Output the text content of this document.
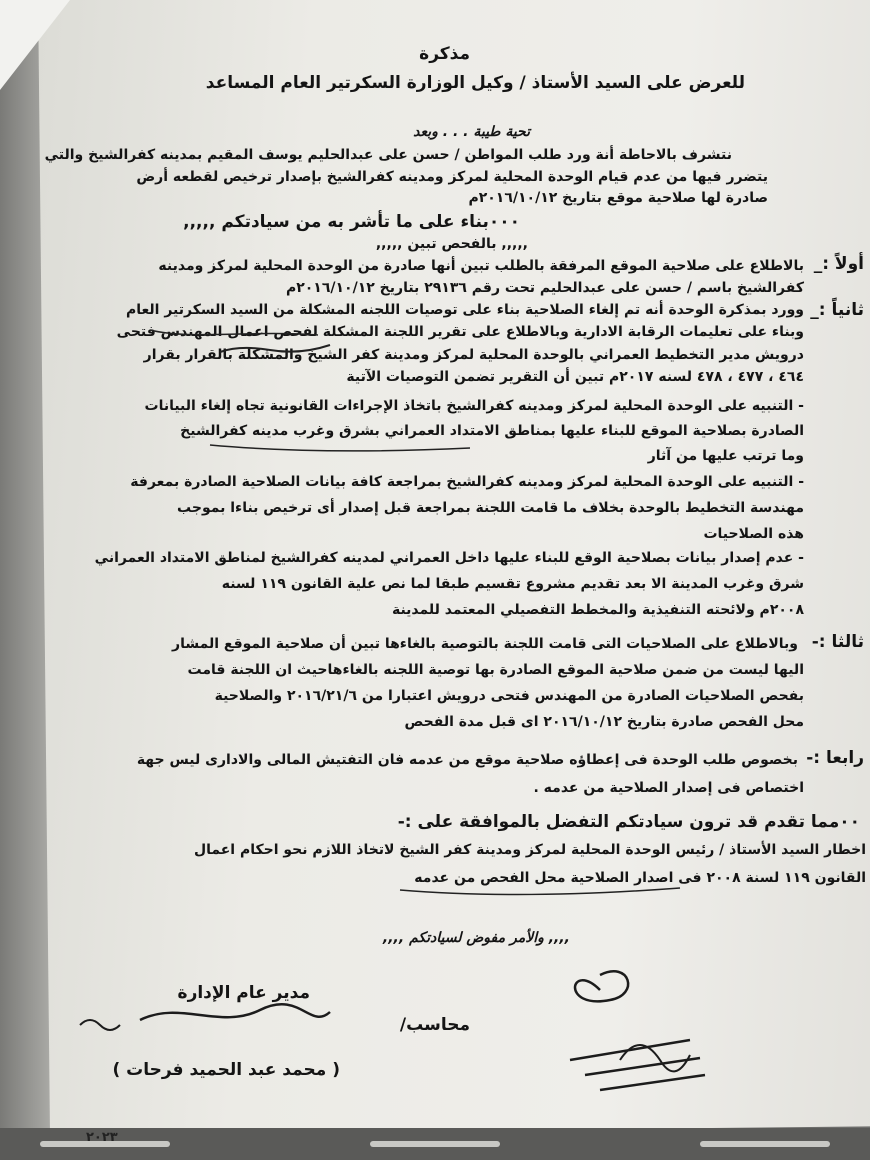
مذكرة
للعرض على السيد الأستاذ / وكيل الوزارة السكرتير العام المساعد
تحية طيبة . . . وبعد
نتشرف بالاحاطة أنة ورد طلب المواطن / حسن على عبدالحليم يوسف المقيم بمدينه كفرالشيخ والتي
يتضرر فيها من عدم قيام الوحدة المحلية لمركز ومدينه كفرالشيخ بإصدار ترخيص لقطعه أرض
صادرة لها صلاحية موقع بتاريخ ٢٠١٦/١٠/١٢م
٠٠٠بناء على ما تأشر به من سيادتكم ,,,,,
,,,,, بالفحص تبين ,,,,,
أولاً :_
بالاطلاع على صلاحية الموقع المرفقة بالطلب تبين أنها صادرة من الوحدة المحلية لمركز ومدينه
كفرالشيخ باسم / حسن على عبدالحليم تحت رقم ٢٩١٣٦ بتاريخ ٢٠١٦/١٠/١٢م
ثانياً :_
وورد بمذكرة الوحدة أنه تم إلغاء الصلاحية بناء على توصيات اللجنه المشكلة من السيد السكرتير العام
وبناء على تعليمات الرقابة الادارية وبالاطلاع على تقرير اللجنة المشكلة لفحص اعمال المهندس فتحى
درويش مدير التخطيط العمراني بالوحدة المحلية لمركز ومدينة كفر الشيخ والمشكلة بالقرار بقرار
٤٦٤ ، ٤٧٧ ، ٤٧٨ لسنه ٢٠١٧م تبين أن التقرير تضمن التوصيات الآتية
- التنبيه على الوحدة المحلية لمركز ومدينه كفرالشيخ باتخاذ الإجراءات القانونية تجاه إلغاء البيانات
الصادرة بصلاحية الموقع للبناء عليها بمناطق الامتداد العمراني بشرق وغرب مدينه كفرالشيخ
وما ترتب عليها من آثار
- التنبيه على الوحدة المحلية لمركز ومدينه كفرالشيخ بمراجعة كافة بيانات الصلاحية الصادرة بمعرفة
مهندسة التخطيط بالوحدة بخلاف ما قامت اللجنة بمراجعة قبل إصدار أى ترخيص بناءا بموجب
هذه الصلاحيات
- عدم إصدار بيانات بصلاحية الوقع للبناء عليها داخل العمراني لمدينه كفرالشيخ لمناطق الامتداد العمراني
شرق وغرب المدينة الا بعد تقديم مشروع تقسيم طبقا لما نص علية القانون ١١٩ لسنه
٢٠٠٨م ولائحته التنفيذية والمخطط التفصيلي المعتمد للمدينة
ثالثا :-
وبالاطلاع على الصلاحيات التى قامت اللجنة بالتوصية بالغاءها تبين أن صلاحية الموقع المشار
اليها ليست من ضمن صلاحية الموقع الصادرة بها توصية اللجنه بالغاءهاحيث ان اللجنة قامت
بفحص الصلاحيات الصادرة من المهندس فتحى درويش اعتبارا من ٢٠١٦/٢١/٦ والصلاحية
محل الفحص صادرة بتاريخ ٢٠١٦/١٠/١٢ اى قبل مدة الفحص
رابعا :-
بخصوص طلب الوحدة فى إعطاؤه صلاحية موقع من عدمه فان التفتيش المالى والادارى ليس جهة
اختصاص فى إصدار الصلاحية من عدمه .
٠٠مما تقدم قد ترون سيادتكم التفضل بالموافقة على :-
اخطار السيد الأستاذ / رئيس الوحدة المحلية لمركز ومدينة كفر الشيخ لاتخاذ اللازم نحو احكام اعمال
القانون ١١٩ لسنة ٢٠٠٨ فى اصدار الصلاحية محل الفحص من عدمه
,,,, والأمر مفوض لسيادتكم ,,,,
مدير عام الإدارة
محاسب/
( محمد عبد الحميد فرحات )
٢٠٢٣
